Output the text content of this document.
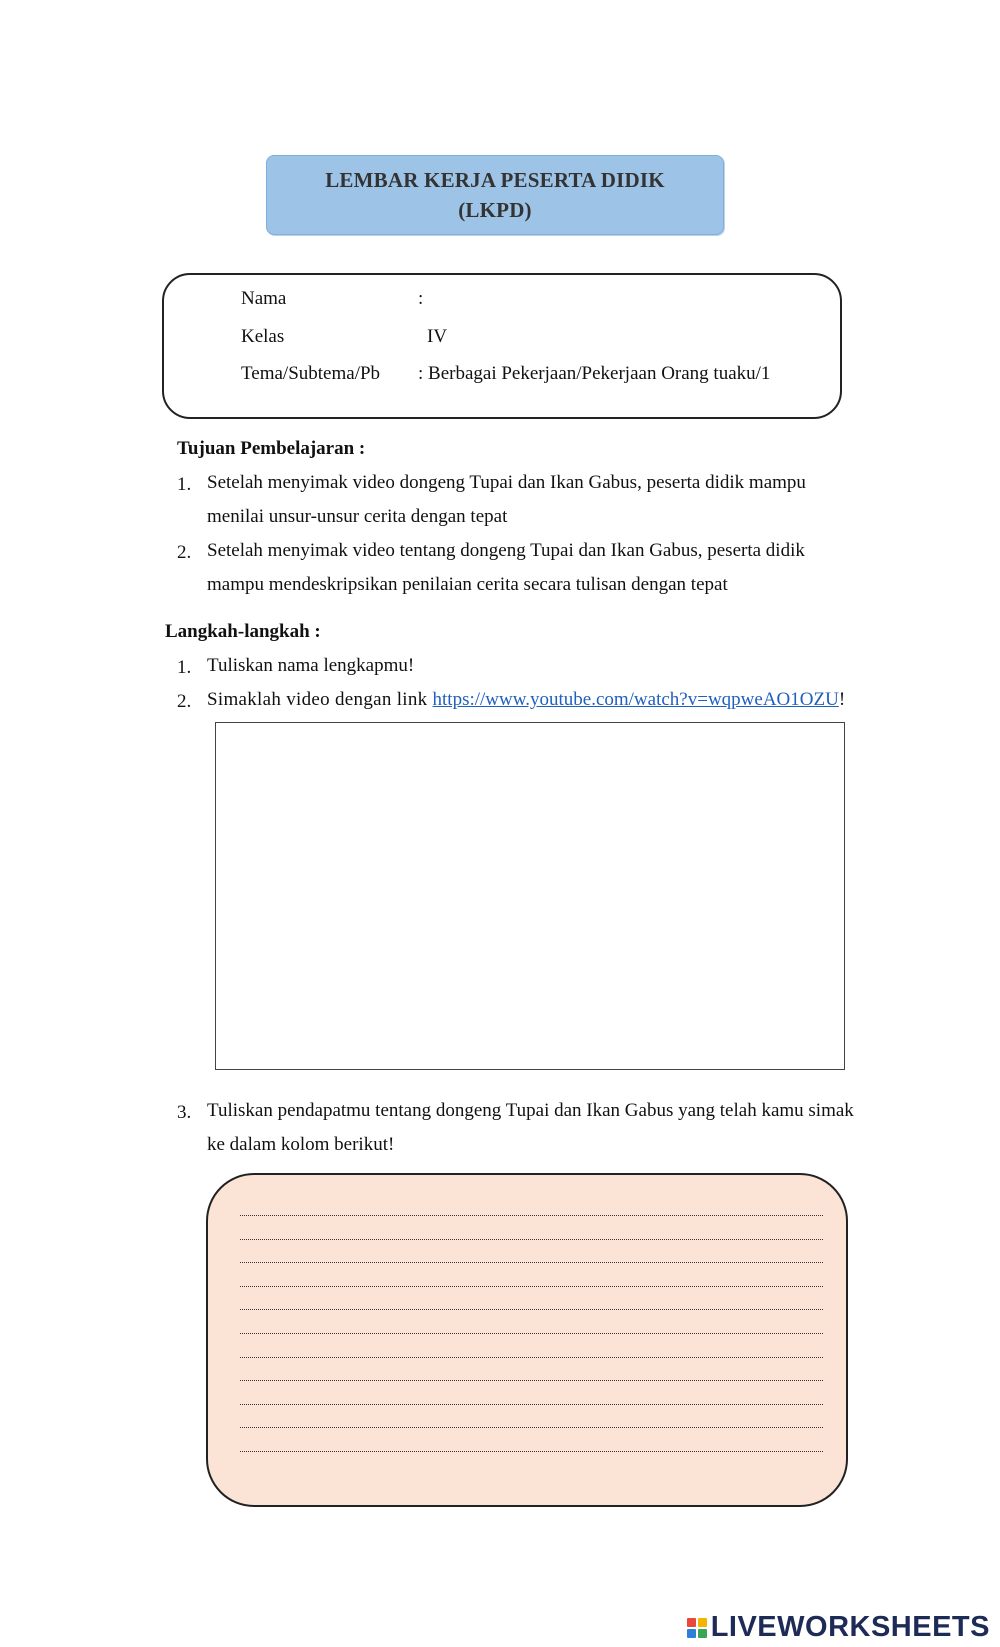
LEMBAR KERJA PESERTA DIDIK
(LKPD)
Nama	:
Kelas	IV
Tema/Subtema/Pb : Berbagai Pekerjaan/Pekerjaan Orang tuaku/1
Tujuan Pembelajaran :
1. Setelah menyimak video dongeng Tupai dan Ikan Gabus, peserta didik mampu
menilai unsur-unsur cerita dengan tepat
2. Setelah menyimak video tentang dongeng Tupai dan Ikan Gabus, peserta didik
mampu mendeskripsikan penilaian cerita secara tulisan dengan tepat
Langkah-langkah :
1. Tuliskan nama lengkapmu!
2. Simaklah video dengan link https://www.youtube.com/watch?v=wqpweAO1OZU!
3. Tuliskan pendapatmu tentang dongeng Tupai dan Ikan Gabus yang telah kamu simak
ke dalam kolom berikut!
LIVEWORKSHEETS
